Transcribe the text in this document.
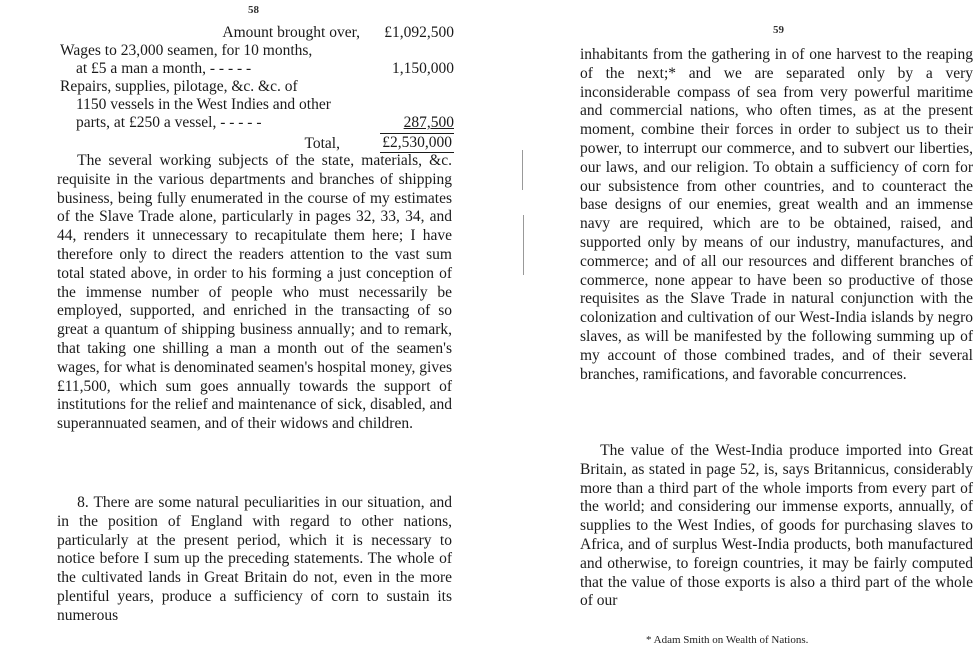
58
Amount brought over,	£1,092,500
Wages to 23,000 seamen, for 10 months,
at £5 a man a month, - - - - -	1,150,000
Repairs, supplies, pilotage, &c. &c. of
1150 vessels in the West Indies and other
parts, at £250 a vessel, - - - - -	287,500
Total,	£2,530,000

The several working subjects of the state, materials, &c. requisite in the various departments and branches of shipping business, being fully enumerated in the course of my estimates of the Slave Trade alone, particularly in pages 32, 33, 34, and 44, renders it unnecessary to recapitulate them here; I have therefore only to direct the readers attention to the vast sum total stated above, in order to his forming a just conception of the immense number of people who must necessarily be employed, supported, and enriched in the transacting of so great a quantum of shipping business annually; and to remark, that taking one shilling a man a month out of the seamen's wages, for what is denominated seamen's hospital money, gives £11,500, which sum goes annually towards the support of institutions for the relief and maintenance of sick, disabled, and superannuated seamen, and of their widows and children.

8. There are some natural peculiarities in our situation, and in the position of England with regard to other nations, particularly at the present period, which it is necessary to notice before I sum up the preceding statements. The whole of the cultivated lands in Great Britain do not, even in the more plentiful years, produce a sufficiency of corn to sustain its numerous

59

inhabitants from the gathering in of one harvest to the reaping of the next;* and we are separated only by a very inconsiderable compass of sea from very powerful maritime and commercial nations, who often times, as at the present moment, combine their forces in order to subject us to their power, to interrupt our commerce, and to subvert our liberties, our laws, and our religion. To obtain a sufficiency of corn for our subsistence from other countries, and to counteract the base designs of our enemies, great wealth and an immense navy are required, which are to be obtained, raised, and supported only by means of our industry, manufactures, and commerce; and of all our resources and different branches of commerce, none appear to have been so productive of those requisites as the Slave Trade in natural conjunction with the colonization and cultivation of our West-India islands by negro slaves, as will be manifested by the following summing up of my account of those combined trades, and of their several branches, ramifications, and favorable concurrences.

The value of the West-India produce imported into Great Britain, as stated in page 52, is, says Britannicus, considerably more than a third part of the whole imports from every part of the world; and considering our immense exports, annually, of supplies to the West Indies, of goods for purchasing slaves to Africa, and of surplus West-India products, both manufactured and otherwise, to foreign countries, it may be fairly computed that the value of those exports is also a third part of the whole of our

* Adam Smith on Wealth of Nations.
